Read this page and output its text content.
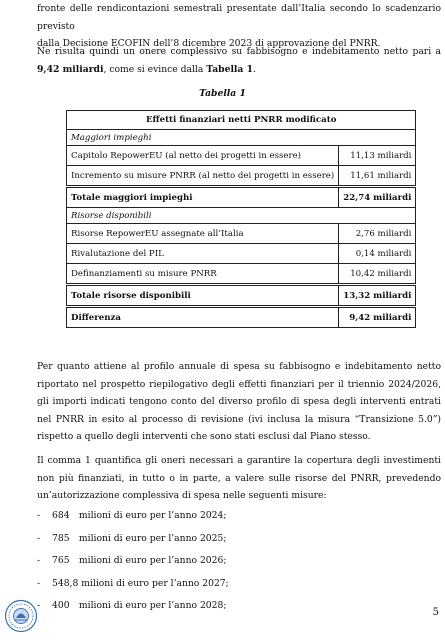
fronte delle rendicontazioni semestrali presentate dall’Italia secondo lo scadenzario previsto
dalla Decisione ECOFIN dell’8 dicembre 2023 di approvazione del PNRR.

Ne risulta quindi un onere complessivo su fabbisogno e indebitamento netto pari a 9,42 miliardi, come si evince dalla Tabella 1.

Tabella 1
Effetti finanziari netti PNRR modificato	
Maggiori impieghi	
Capitolo RepowerEU (al netto dei progetti in essere)	11,13 miliardi
Incremento su misure PNRR (al netto dei progetti in essere)	11,61 miliardi
Totale maggiori impieghi	22,74 miliardi
Risorse disponibili	
Risorse RepowerEU assegnate all’Italia	2,76 miliardi
Rivalutazione del PIL	0,14 miliardi
Definanziamenti su misure PNRR	10,42 miliardi
Totale risorse disponibili	13,32 miliardi
Differenza	9,42 miliardi

Per quanto attiene al profilo annuale di spesa su fabbisogno e indebitamento netto riportato nel prospetto riepilogativo degli effetti finanziari per il triennio 2024/2026, gli importi indicati tengono conto del diverso profilo di spesa degli interventi entrati nel PNRR in esito al processo di revisione (ivi inclusa la misura “Transizione 5.0”) rispetto a quello degli interventi che sono stati esclusi dal Piano stesso.

Il comma 1 quantifica gli oneri necessari a garantire la copertura degli investimenti non più finanziati, in tutto o in parte, a valere sulle risorse del PNRR, prevedendo un’autorizzazione complessiva di spesa nelle seguenti misure:

- 684 milioni di euro per l’anno 2024;
- 785 milioni di euro per l’anno 2025;
- 765 milioni di euro per l’anno 2026;
- 548,8 milioni di euro per l’anno 2027;
- 400 milioni di euro per l’anno 2028;
5
